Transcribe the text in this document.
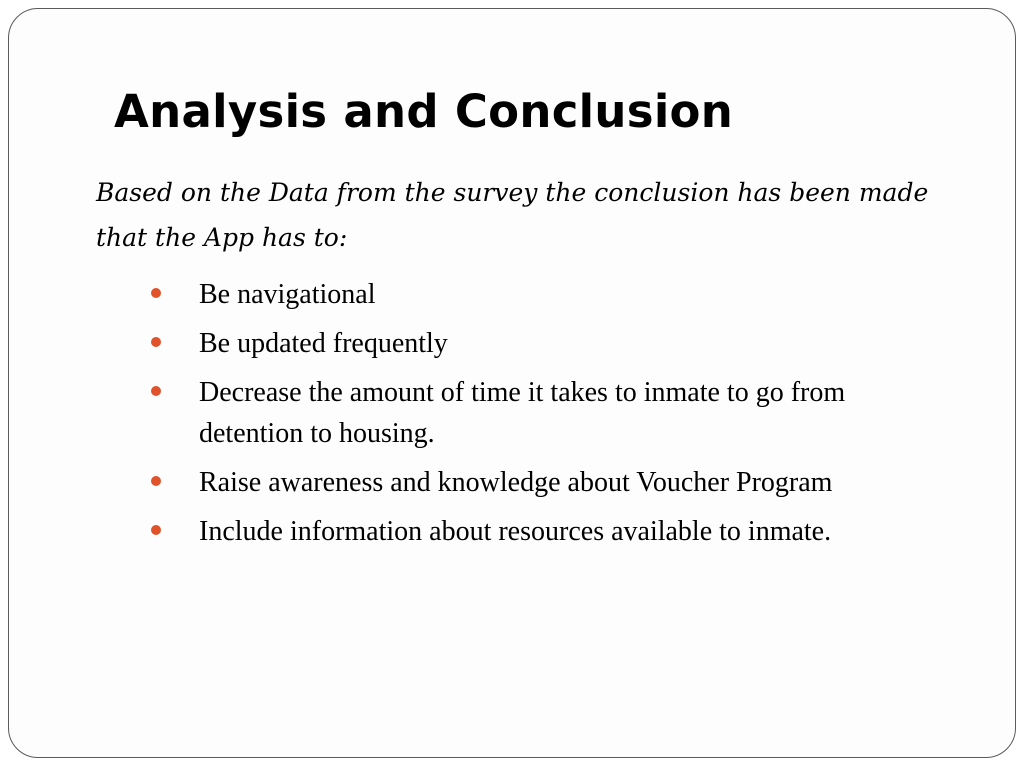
Analysis and Conclusion

Based on the Data from the survey the conclusion has been made that the App has to:

Be navigational
Be updated frequently
Decrease the amount of time it takes to inmate to go from detention to housing.
Raise awareness and knowledge about Voucher Program
Include information about resources available to inmate.
